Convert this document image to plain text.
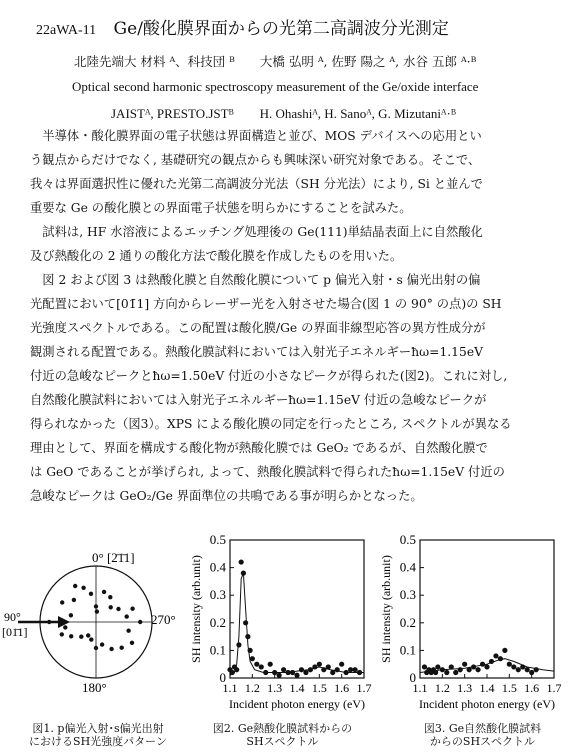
22aWA-11 Ge/酸化膜界面からの光第二高調波分光測定
北陸先端大 材料 ᴬ、科技団 ᴮ　　大橋 弘明 ᴬ, 佐野 陽之 ᴬ, 水谷 五郎 ᴬ·ᴮ
Optical second harmonic spectroscopy measurement of the Ge/oxide interface
JAISTᴬ, PRESTO.JSTᴮ　　H. Ohashiᴬ, H. Sanoᴬ, G. Mizutaniᴬ·ᴮ
　半導体・酸化膜界面の電子状態は界面構造と並び、MOS デバイスへの応用とい
う観点からだけでなく, 基礎研究の観点からも興味深い研究対象である。そこで、
我々は界面選択性に優れた光第二高調波分光法（SH 分光法）により, Si と並んで
重要な Ge の酸化膜との界面電子状態を明らかにすることを試みた。
　試料は, HF 水溶液によるエッチング処理後の Ge(111)単結晶表面上に自然酸化
及び熱酸化の 2 通りの酸化方法で酸化膜を作成したものを用いた。
　図 2 および図 3 は熱酸化膜と自然酸化膜について p 偏光入射・s 偏光出射の偏
光配置において[01̄1] 方向からレーザー光を入射させた場合(図 1 の 90° の点)の SH
光強度スペクトルである。この配置は酸化膜/Ge の界面非線型応答の異方性成分が
観測される配置である。熱酸化膜試料においては入射光子エネルギーħω=1.15eV
付近の急峻なピークとħω=1.50eV 付近の小さなピークが得られた(図2)。これに対し,
自然酸化膜試料においては入射光子エネルギーħω=1.15eV 付近の急峻なピークが
得られなかった（図3）。XPS による酸化膜の同定を行ったところ, スペクトルが異なる
理由として、界面を構成する酸化物が熱酸化膜では GeO₂ であるが、自然酸化膜で
は GeO であることが挙げられ, よって、熱酸化膜試料で得られたħω=1.15eV 付近の
急峻なピークは GeO₂/Ge 界面準位の共鳴である事が明らかとなった。
0° [2̄1̄1]
90°
[01̄1]
270°
180°
図1. p偏光入射･s偏光出射
におけるSH光強度パターン
0
0.1
0.2
0.3
0.4
0.5
1.1 1.2 1.3 1.4 1.5 1.6 1.7
Incident photon energy (eV)
SH intensity (arb.unit)
図2. Ge熱酸化膜試料からの
SHスペクトル
0
0.1
0.2
0.3
0.4
0.5
1.1 1.2 1.3 1.4 1.5 1.6 1.7
Incident photon energy (eV)
SH intensity (arb.unit)
図3. Ge自然酸化膜試料
からのSHスペクトル
